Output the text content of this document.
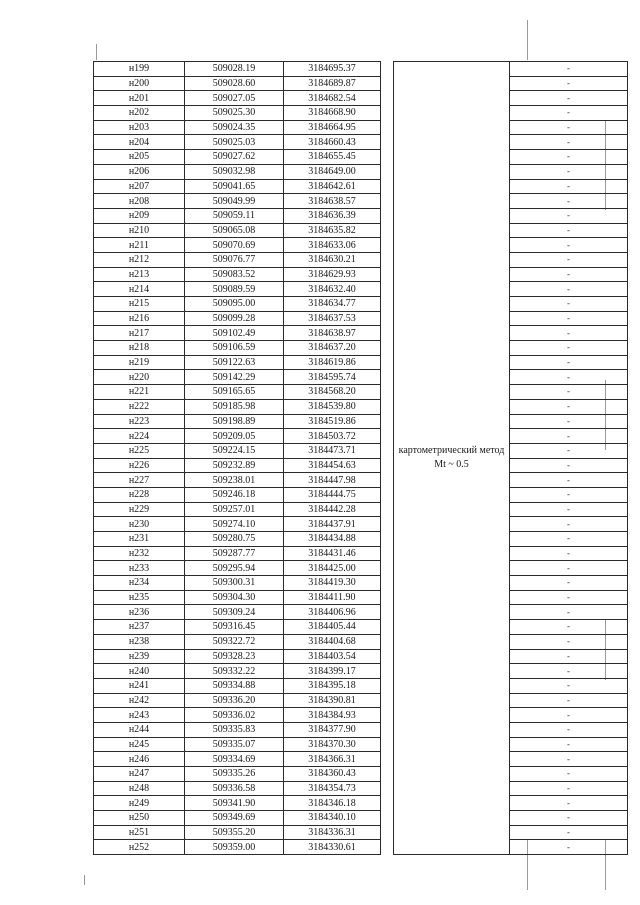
н199	509028.19	3184695.37		картометрический метод Mt ~ 0.5	-
н200	509028.60	3184689.87			-
н201	509027.05	3184682.54			-
н202	509025.30	3184668.90			-
н203	509024.35	3184664.95			-
н204	509025.03	3184660.43			-
н205	509027.62	3184655.45			-
н206	509032.98	3184649.00			-
н207	509041.65	3184642.61			-
н208	509049.99	3184638.57			-
н209	509059.11	3184636.39			-
н210	509065.08	3184635.82			-
н211	509070.69	3184633.06			-
н212	509076.77	3184630.21			-
н213	509083.52	3184629.93			-
н214	509089.59	3184632.40			-
н215	509095.00	3184634.77			-
н216	509099.28	3184637.53			-
н217	509102.49	3184638.97			-
н218	509106.59	3184637.20			-
н219	509122.63	3184619.86			-
н220	509142.29	3184595.74			-
н221	509165.65	3184568.20			-
н222	509185.98	3184539.80			-
н223	509198.89	3184519.86			-
н224	509209.05	3184503.72			-
н225	509224.15	3184473.71			-
н226	509232.89	3184454.63			-
н227	509238.01	3184447.98			-
н228	509246.18	3184444.75			-
н229	509257.01	3184442.28			-
н230	509274.10	3184437.91			-
н231	509280.75	3184434.88			-
н232	509287.77	3184431.46			-
н233	509295.94	3184425.00			-
н234	509300.31	3184419.30			-
н235	509304.30	3184411.90			-
н236	509309.24	3184406.96			-
н237	509316.45	3184405.44			-
н238	509322.72	3184404.68			-
н239	509328.23	3184403.54			-
н240	509332.22	3184399.17			-
н241	509334.88	3184395.18			-
н242	509336.20	3184390.81			-
н243	509336.02	3184384.93			-
н244	509335.83	3184377.90			-
н245	509335.07	3184370.30			-
н246	509334.69	3184366.31			-
н247	509335.26	3184360.43			-
н248	509336.58	3184354.73			-
н249	509341.90	3184346.18			-
н250	509349.69	3184340.10			-
н251	509355.20	3184336.31			-
н252	509359.00	3184330.61			-
